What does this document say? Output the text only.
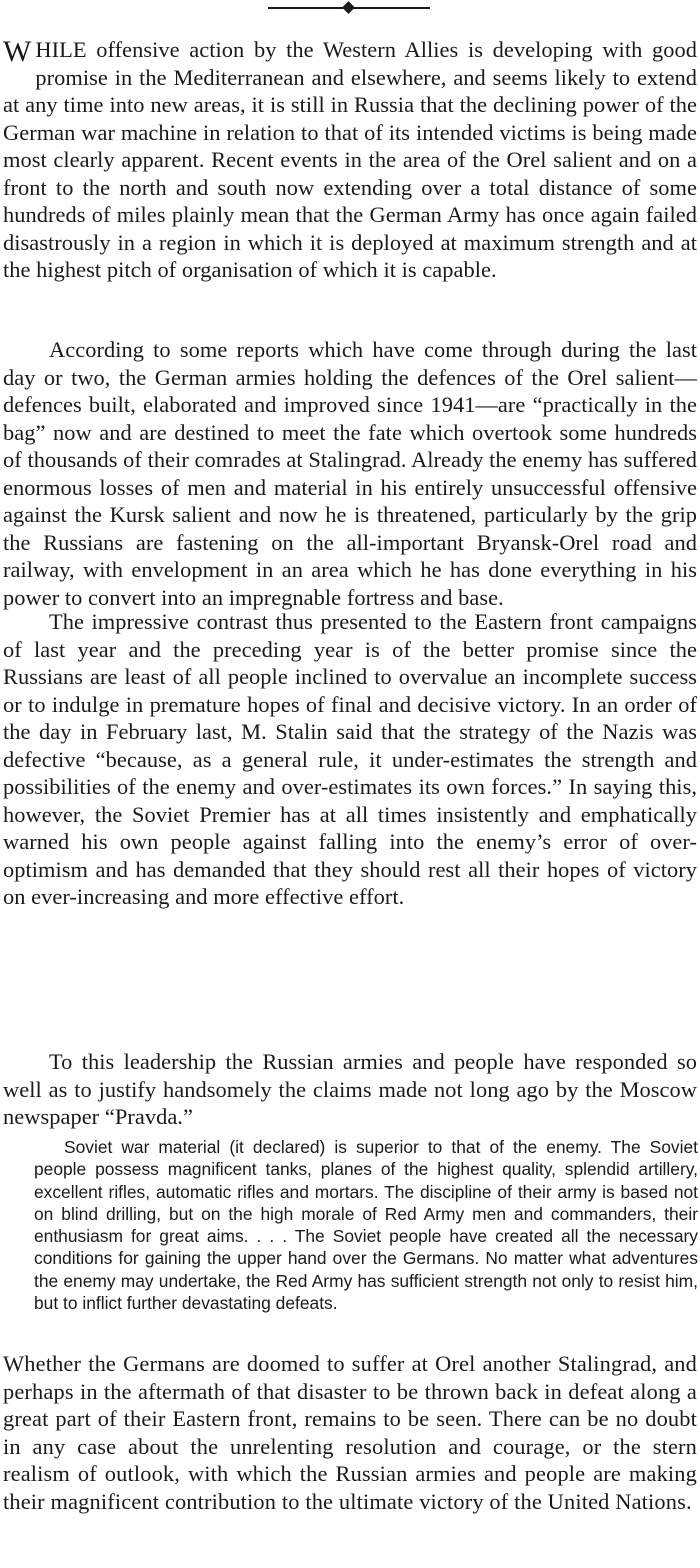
W HILE offensive action by the Western Allies is developing with good promise in the Mediterranean and elsewhere, and seems likely to extend at any time into new areas, it is still in Russia that the declining power of the German war machine in relation to that of its intended victims is being made most clearly apparent. Recent events in the area of the Orel salient and on a front to the north and south now extending over a total distance of some hundreds of miles plainly mean that the German Army has once again failed disastrously in a region in which it is deployed at maximum strength and at the highest pitch of organisation of which it is capable.

According to some reports which have come through during the last day or two, the German armies holding the defences of the Orel salient—defences built, elaborated and improved since 1941—are “practically in the bag” now and are destined to meet the fate which overtook some hundreds of thousands of their comrades at Stalingrad. Already the enemy has suffered enormous losses of men and material in his entirely unsuccessful offensive against the Kursk salient and now he is threatened, particularly by the grip the Russians are fastening on the all-important Bryansk-Orel road and railway, with envelopment in an area which he has done everything in his power to convert into an impregnable fortress and base.

The impressive contrast thus presented to the Eastern front campaigns of last year and the preceding year is of the better promise since the Russians are least of all people inclined to overvalue an incomplete success or to indulge in premature hopes of final and decisive victory. In an order of the day in February last, M. Stalin said that the strategy of the Nazis was defective “because, as a general rule, it under-estimates the strength and possibilities of the enemy and over-estimates its own forces.” In saying this, however, the Soviet Premier has at all times insistently and emphatically warned his own people against falling into the enemy’s error of over-optimism and has demanded that they should rest all their hopes of victory on ever-increasing and more effective effort.

To this leadership the Russian armies and people have responded so well as to justify handsomely the claims made not long ago by the Moscow newspaper “Pravda.”

Soviet war material (it declared) is superior to that of the enemy. The Soviet people possess magnificent tanks, planes of the highest quality, splendid artillery, excellent rifles, automatic rifles and mortars. The discipline of their army is based not on blind drilling, but on the high morale of Red Army men and commanders, their enthusiasm for great aims. . . . The Soviet people have created all the necessary conditions for gaining the upper hand over the Germans. No matter what adventures the enemy may undertake, the Red Army has sufficient strength not only to resist him, but to inflict further devastating defeats.

Whether the Germans are doomed to suffer at Orel another Stalingrad, and perhaps in the aftermath of that disaster to be thrown back in defeat along a great part of their Eastern front, remains to be seen. There can be no doubt in any case about the unrelenting resolution and courage, or the stern realism of outlook, with which the Russian armies and people are making their magnificent contribution to the ultimate victory of the United Nations.
